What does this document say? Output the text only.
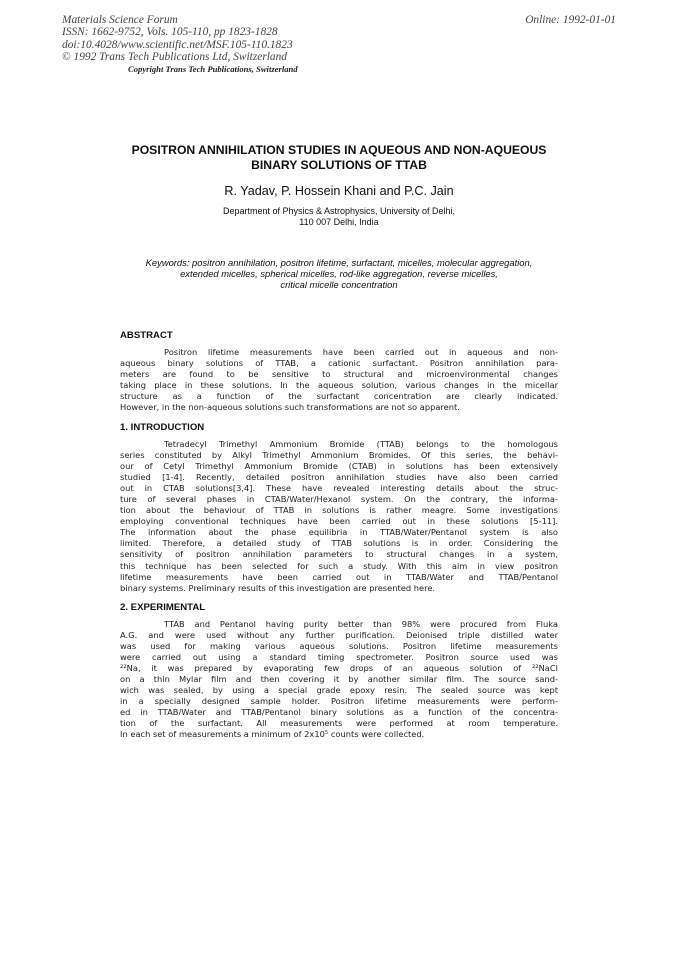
Materials Science Forum
ISSN: 1662-9752, Vols. 105-110, pp 1823-1828
doi:10.4028/www.scientific.net/MSF.105-110.1823
© 1992 Trans Tech Publications Ltd, Switzerland
Online: 1992-01-01
Copyright Trans Tech Publications, Switzerland
POSITRON ANNIHILATION STUDIES IN AQUEOUS AND NON-AQUEOUS
BINARY SOLUTIONS OF TTAB
R. Yadav, P. Hossein Khani and P.C. Jain
Department of Physics & Astrophysics, University of Delhi,
110 007 Delhi, India
Keywords: positron annihilation, positron lifetime, surfactant, micelles, molecular aggregation,
extended micelles, spherical micelles, rod-like aggregation, reverse micelles,
critical micelle concentration
ABSTRACT
Positron lifetime measurements have been carried out in aqueous and non-
aqueous binary solutions of TTAB, a cationic surfactant. Positron annihilation para-
meters are found to be sensitive to structural and microenvironmental changes
taking place in these solutions. In the aqueous solution, various changes in the micellar
structure as a function of the surfactant concentration are clearly indicated.
However, in the non-aqueous solutions such transformations are not so apparent.
1. INTRODUCTION
Tetradecyl Trimethyl Ammonium Bromide (TTAB) belongs to the homologous
series constituted by Alkyl Trimethyl Ammonium Bromides. Of this series, the behavi-
our of Cetyl Trimethyl Ammonium Bromide (CTAB) in solutions has been extensively
studied [1-4]. Recently, detailed positron annihilation studies have also been carried
out in CTAB solutions[3,4]. These have revealed interesting details about the struc-
ture of several phases in CTAB/Water/Hexanol system. On the contrary, the informa-
tion about the behaviour of TTAB in solutions is rather meagre. Some investigations
employing conventional techniques have been carried out in these solutions [5-11].
The information about the phase equilibria in TTAB/Water/Pentanol system is also
limited. Therefore, a detailed study of TTAB solutions is in order. Considering the
sensitivity of positron annihilation parameters to structural changes in a system,
this technique has been selected for such a study. With this aim in view positron
lifetime measurements have been carried out in TTAB/Water and TTAB/Pentanol
binary systems. Preliminary results of this investigation are presented here.
2. EXPERIMENTAL
TTAB and Pentanol having purity better than 98% were procured from Fluka
A.G. and were used without any further purification. Deionised triple distilled water
was used for making various aqueous solutions. Positron lifetime measurements
were carried out using a standard timing spectrometer. Positron source used was
²²Na, it was prepared by evaporating few drops of an aqueous solution of ²²NaCl
on a thin Mylar film and then covering it by another similar film. The source sand-
wich was sealed, by using a special grade epoxy resin. The sealed source was kept
in a specially designed sample holder. Positron lifetime measurements were perform-
ed in TTAB/Water and TTAB/Pentanol binary solutions as a function of the concentra-
tion of the surfactant. All measurements were performed at room temperature.
In each set of measurements a minimum of 2x10⁵ counts were collected.
